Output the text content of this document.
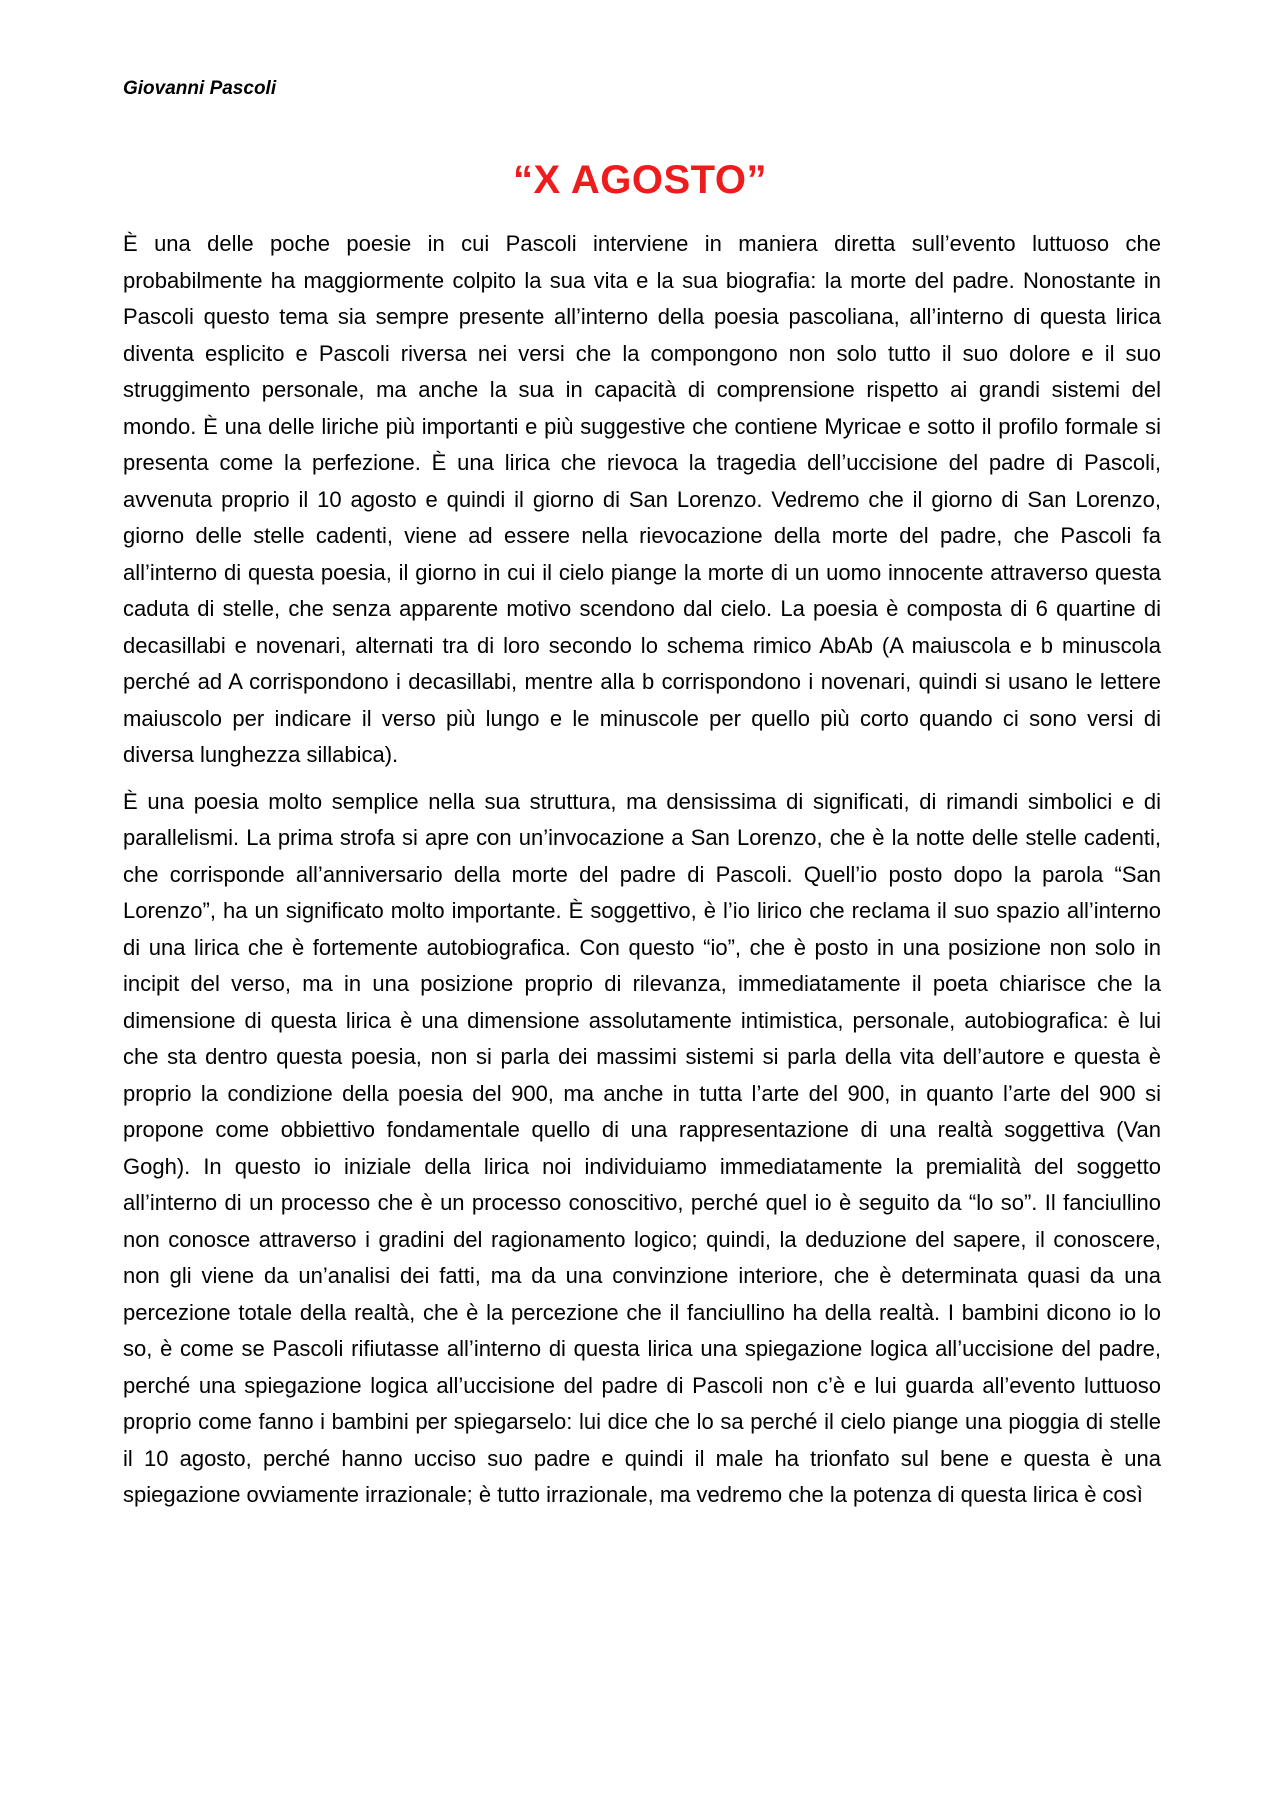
Giovanni Pascoli

“X AGOSTO”

È una delle poche poesie in cui Pascoli interviene in maniera diretta sull’evento luttuoso che probabilmente ha maggiormente colpito la sua vita e la sua biografia: la morte del padre. Nonostante in Pascoli questo tema sia sempre presente all’interno della poesia pascoliana, all’interno di questa lirica diventa esplicito e Pascoli riversa nei versi che la compongono non solo tutto il suo dolore e il suo struggimento personale, ma anche la sua in capacità di comprensione rispetto ai grandi sistemi del mondo. È una delle liriche più importanti e più suggestive che contiene Myricae e sotto il profilo formale si presenta come la perfezione. È una lirica che rievoca la tragedia dell’uccisione del padre di Pascoli, avvenuta proprio il 10 agosto e quindi il giorno di San Lorenzo. Vedremo che il giorno di San Lorenzo, giorno delle stelle cadenti, viene ad essere nella rievocazione della morte del padre, che Pascoli fa all’interno di questa poesia, il giorno in cui il cielo piange la morte di un uomo innocente attraverso questa caduta di stelle, che senza apparente motivo scendono dal cielo. La poesia è composta di 6 quartine di decasillabi e novenari, alternati tra di loro secondo lo schema rimico AbAb (A maiuscola e b minuscola perché ad A corrispondono i decasillabi, mentre alla b corrispondono i novenari, quindi si usano le lettere maiuscolo per indicare il verso più lungo e le minuscole per quello più corto quando ci sono versi di diversa lunghezza sillabica).

È una poesia molto semplice nella sua struttura, ma densissima di significati, di rimandi simbolici e di parallelismi. La prima strofa si apre con un’invocazione a San Lorenzo, che è la notte delle stelle cadenti, che corrisponde all’anniversario della morte del padre di Pascoli. Quell’io posto dopo la parola “San Lorenzo”, ha un significato molto importante. È soggettivo, è l’io lirico che reclama il suo spazio all’interno di una lirica che è fortemente autobiografica. Con questo “io”, che è posto in una posizione non solo in incipit del verso, ma in una posizione proprio di rilevanza, immediatamente il poeta chiarisce che la dimensione di questa lirica è una dimensione assolutamente intimistica, personale, autobiografica: è lui che sta dentro questa poesia, non si parla dei massimi sistemi si parla della vita dell’autore e questa è proprio la condizione della poesia del 900, ma anche in tutta l’arte del 900, in quanto l’arte del 900 si propone come obbiettivo fondamentale quello di una rappresentazione di una realtà soggettiva (Van Gogh). In questo io iniziale della lirica noi individuiamo immediatamente la premialità del soggetto all’interno di un processo che è un processo conoscitivo, perché quel io è seguito da “lo so”. Il fanciullino non conosce attraverso i gradini del ragionamento logico; quindi, la deduzione del sapere, il conoscere, non gli viene da un’analisi dei fatti, ma da una convinzione interiore, che è determinata quasi da una percezione totale della realtà, che è la percezione che il fanciullino ha della realtà. I bambini dicono io lo so, è come se Pascoli rifiutasse all’interno di questa lirica una spiegazione logica all’uccisione del padre, perché una spiegazione logica all’uccisione del padre di Pascoli non c’è e lui guarda all’evento luttuoso proprio come fanno i bambini per spiegarselo: lui dice che lo sa perché il cielo piange una pioggia di stelle il 10 agosto, perché hanno ucciso suo padre e quindi il male ha trionfato sul bene e questa è una spiegazione ovviamente irrazionale; è tutto irrazionale, ma vedremo che la potenza di questa lirica è così
